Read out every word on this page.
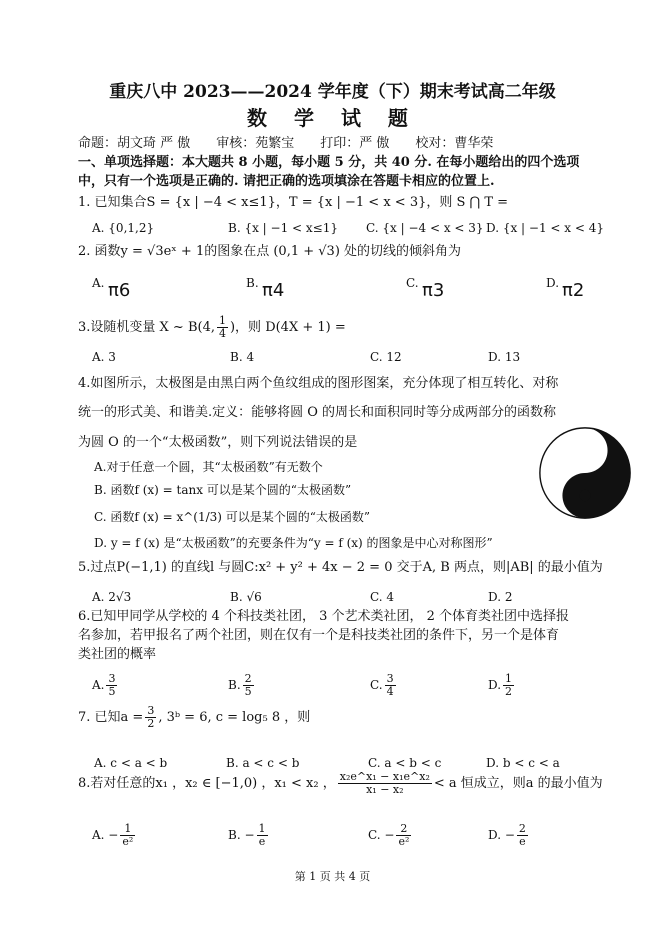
重庆八中 2023——2024 学年度（下）期末考试高二年级
数 学 试 题
命题：胡文琦 严 傲　　审核：苑繁宝　　打印：严 傲　　校对：曹华荣
一、单项选择题：本大题共 8 小题，每小题 5 分，共 40 分. 在每小题给出的四个选项
中，只有一个选项是正确的. 请把正确的选项填涂在答题卡相应的位置上.
1. 已知集合S = {x | −4 < x≤1}，T = {x | −1 < x < 3}，则 S ⋂ T =
A. {0,1,2}	B. {x | −1 < x≤1} C. {x | −4 < x < 3} D. {x | −1 < x < 4}
2. 函数y = √3eˣ + 1的图象在点 (0,1 + √3) 处的切线的倾斜角为
A. π6	B. π4	C. π3	D. π2
3.设随机变量 X ~ B(4, $\frac{1}{4}$ )，则 D(4X + 1) =
A. 3	B. 4	C. 12	D. 13
4.如图所示，太极图是由黑白两个鱼纹组成的图形图案，充分体现了相互转化、对称
统一的形式美、和谐美.定义：能够将圆 O 的周长和面积同时等分成两部分的函数称
为圆 O 的一个“太极函数”，则下列说法错误的是
A.对于任意一个圆，其“太极函数”有无数个
B. 函数f (x) = tanx 可以是某个圆的“太极函数”
C. 函数f (x) = x^(1/3) 可以是某个圆的“太极函数”
D. y = f (x) 是“太极函数”的充要条件为“y = f (x) 的图象是中心对称图形”
5.过点P(−1,1) 的直线l 与圆C:x² + y² + 4x − 2 = 0 交于A, B 两点，则|AB| 的最小值为
A. 2√3	B. √6	C. 4	D. 2
6.已知甲同学从学校的 4 个科技类社团， 3 个艺术类社团， 2 个体育类社团中选择报
名参加，若甲报名了两个社团，则在仅有一个是科技类社团的条件下，另一个是体育
类社团的概率
A. $\frac{3}{5}$	B. $\frac{2}{5}$	C. $\frac{3}{4}$	D. $\frac{1}{2}$
7. 已知$a = \frac{3}{2}$ , 3ᵇ = 6, c = log₅ 8 ，则
A. c < a < b	B. a < c < b	C. a < b < c	D. b < c < a
8.若对任意的x₁ ，x₂ ∈ [−1,0) ，x₁ < x₂ ， $\frac{\text{x₂e\textasciicircum{}x₁ − x₁e\textasciicircum{}x₂}}{\text{x₁ − x₂}} < a$ 恒成立，则a 的最小值为
A. − $\frac{1}{\text{e²}}$	B. − $\frac{1}{e}$	C. − $\frac{2}{\text{e²}}$	D. − $\frac{2}{e}$
第 1 页 共 4 页
